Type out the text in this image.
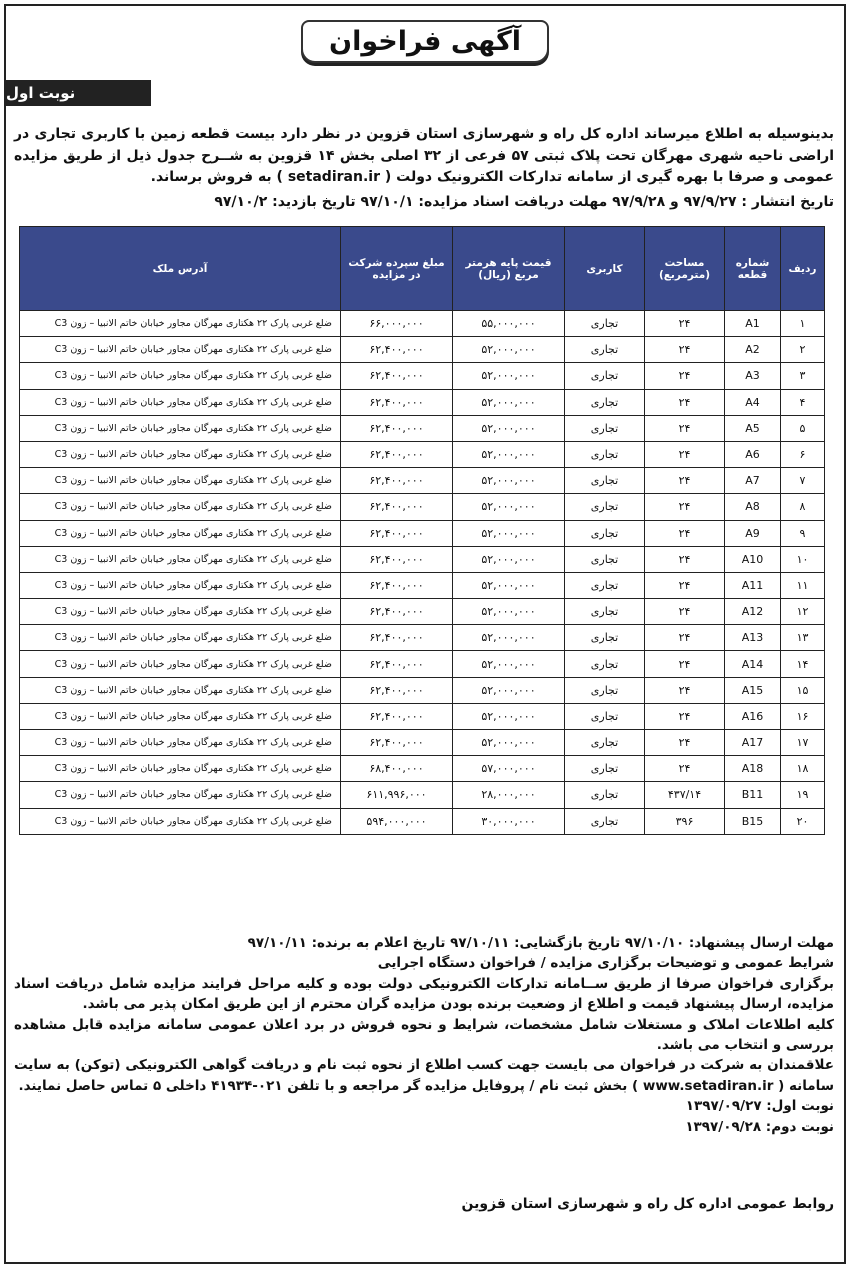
آگهی فراخوان
نوبت اول
بدینوسیله به اطلاع میرساند اداره کل راه و شهرسازی استان قزوین در نظر دارد بیست قطعه زمین با کاربری تجاری در اراضی ناحیه شهری مهرگان تحت پلاک ثبتی ۵۷ فرعی از ۳۲ اصلی بخش ۱۴ قزوین به شــرح جدول ذیل از طریق مزایده عمومی و صرفا با بهره گیری از سامانه تدارکات الکترونیک دولت ( setadiran.ir ) به فروش برساند.
تاریخ انتشار : ۹۷/۹/۲۷ و ۹۷/۹/۲۸ مهلت دریافت اسناد مزایده: ۹۷/۱۰/۱ تاریخ بازدید: ۹۷/۱۰/۲
ردیف	شماره قطعه	مساحت (مترمربع)	کاربری	قیمت پایه هرمتر مربع (ریال)	مبلغ سپرده شرکت در مزایده	آدرس ملک
۱	A1	۲۴	تجاری	۵۵,۰۰۰,۰۰۰	۶۶,۰۰۰,۰۰۰	ضلع غربی پارک ۲۲ هکتاری مهرگان مجاور خیابان خاتم الانبیا – زون C3
۲	A2	۲۴	تجاری	۵۲,۰۰۰,۰۰۰	۶۲,۴۰۰,۰۰۰	ضلع غربی پارک ۲۲ هکتاری مهرگان مجاور خیابان خاتم الانبیا – زون C3
۳	A3	۲۴	تجاری	۵۲,۰۰۰,۰۰۰	۶۲,۴۰۰,۰۰۰	ضلع غربی پارک ۲۲ هکتاری مهرگان مجاور خیابان خاتم الانبیا – زون C3
۴	A4	۲۴	تجاری	۵۲,۰۰۰,۰۰۰	۶۲,۴۰۰,۰۰۰	ضلع غربی پارک ۲۲ هکتاری مهرگان مجاور خیابان خاتم الانبیا – زون C3
۵	A5	۲۴	تجاری	۵۲,۰۰۰,۰۰۰	۶۲,۴۰۰,۰۰۰	ضلع غربی پارک ۲۲ هکتاری مهرگان مجاور خیابان خاتم الانبیا – زون C3
۶	A6	۲۴	تجاری	۵۲,۰۰۰,۰۰۰	۶۲,۴۰۰,۰۰۰	ضلع غربی پارک ۲۲ هکتاری مهرگان مجاور خیابان خاتم الانبیا – زون C3
۷	A7	۲۴	تجاری	۵۲,۰۰۰,۰۰۰	۶۲,۴۰۰,۰۰۰	ضلع غربی پارک ۲۲ هکتاری مهرگان مجاور خیابان خاتم الانبیا – زون C3
۸	A8	۲۴	تجاری	۵۲,۰۰۰,۰۰۰	۶۲,۴۰۰,۰۰۰	ضلع غربی پارک ۲۲ هکتاری مهرگان مجاور خیابان خاتم الانبیا – زون C3
۹	A9	۲۴	تجاری	۵۲,۰۰۰,۰۰۰	۶۲,۴۰۰,۰۰۰	ضلع غربی پارک ۲۲ هکتاری مهرگان مجاور خیابان خاتم الانبیا – زون C3
۱۰	A10	۲۴	تجاری	۵۲,۰۰۰,۰۰۰	۶۲,۴۰۰,۰۰۰	ضلع غربی پارک ۲۲ هکتاری مهرگان مجاور خیابان خاتم الانبیا – زون C3
۱۱	A11	۲۴	تجاری	۵۲,۰۰۰,۰۰۰	۶۲,۴۰۰,۰۰۰	ضلع غربی پارک ۲۲ هکتاری مهرگان مجاور خیابان خاتم الانبیا – زون C3
۱۲	A12	۲۴	تجاری	۵۲,۰۰۰,۰۰۰	۶۲,۴۰۰,۰۰۰	ضلع غربی پارک ۲۲ هکتاری مهرگان مجاور خیابان خاتم الانبیا – زون C3
۱۳	A13	۲۴	تجاری	۵۲,۰۰۰,۰۰۰	۶۲,۴۰۰,۰۰۰	ضلع غربی پارک ۲۲ هکتاری مهرگان مجاور خیابان خاتم الانبیا – زون C3
۱۴	A14	۲۴	تجاری	۵۲,۰۰۰,۰۰۰	۶۲,۴۰۰,۰۰۰	ضلع غربی پارک ۲۲ هکتاری مهرگان مجاور خیابان خاتم الانبیا – زون C3
۱۵	A15	۲۴	تجاری	۵۲,۰۰۰,۰۰۰	۶۲,۴۰۰,۰۰۰	ضلع غربی پارک ۲۲ هکتاری مهرگان مجاور خیابان خاتم الانبیا – زون C3
۱۶	A16	۲۴	تجاری	۵۲,۰۰۰,۰۰۰	۶۲,۴۰۰,۰۰۰	ضلع غربی پارک ۲۲ هکتاری مهرگان مجاور خیابان خاتم الانبیا – زون C3
۱۷	A17	۲۴	تجاری	۵۲,۰۰۰,۰۰۰	۶۲,۴۰۰,۰۰۰	ضلع غربی پارک ۲۲ هکتاری مهرگان مجاور خیابان خاتم الانبیا – زون C3
۱۸	A18	۲۴	تجاری	۵۷,۰۰۰,۰۰۰	۶۸,۴۰۰,۰۰۰	ضلع غربی پارک ۲۲ هکتاری مهرگان مجاور خیابان خاتم الانبیا – زون C3
۱۹	B11	۴۳۷/۱۴	تجاری	۲۸,۰۰۰,۰۰۰	۶۱۱,۹۹۶,۰۰۰	ضلع غربی پارک ۲۲ هکتاری مهرگان مجاور خیابان خاتم الانبیا – زون C3
۲۰	B15	۳۹۶	تجاری	۳۰,۰۰۰,۰۰۰	۵۹۴,۰۰۰,۰۰۰	ضلع غربی پارک ۲۲ هکتاری مهرگان مجاور خیابان خاتم الانبیا – زون C3

مهلت ارسال پیشنهاد: ۹۷/۱۰/۱۰ تاریخ بازگشایی: ۹۷/۱۰/۱۱ تاریخ اعلام به برنده: ۹۷/۱۰/۱۱

شرایط عمومی و توضیحات برگزاری مزایده / فراخوان دستگاه اجرایی

برگزاری فراخوان صرفا از طریق ســامانه تدارکات الکترونیکی دولت بوده و کلیه مراحل فرایند مزایده شامل دریافت اسناد مزایده، ارسال پیشنهاد قیمت و اطلاع از وضعیت برنده بودن مزایده گران محترم از این طریق امکان پذیر می باشد.

کلیه اطلاعات املاک و مستغلات شامل مشخصات، شرایط و نحوه فروش در برد اعلان عمومی سامانه مزایده قابل مشاهده بررسی و انتخاب می باشد.

علاقمندان به شرکت در فراخوان می بایست جهت کسب اطلاع از نحوه ثبت نام و دریافت گواهی الکترونیکی (توکن) به سایت سامانه ( www.setadiran.ir ) بخش ثبت نام / پروفایل مزایده گر مراجعه و با تلفن ۰۲۱-۴۱۹۳۴ داخلی ۵ تماس حاصل نمایند.

نوبت اول: ۱۳۹۷/۰۹/۲۷

نوبت دوم: ۱۳۹۷/۰۹/۲۸

روابط عمومی اداره کل راه و شهرسازی استان قزوین
